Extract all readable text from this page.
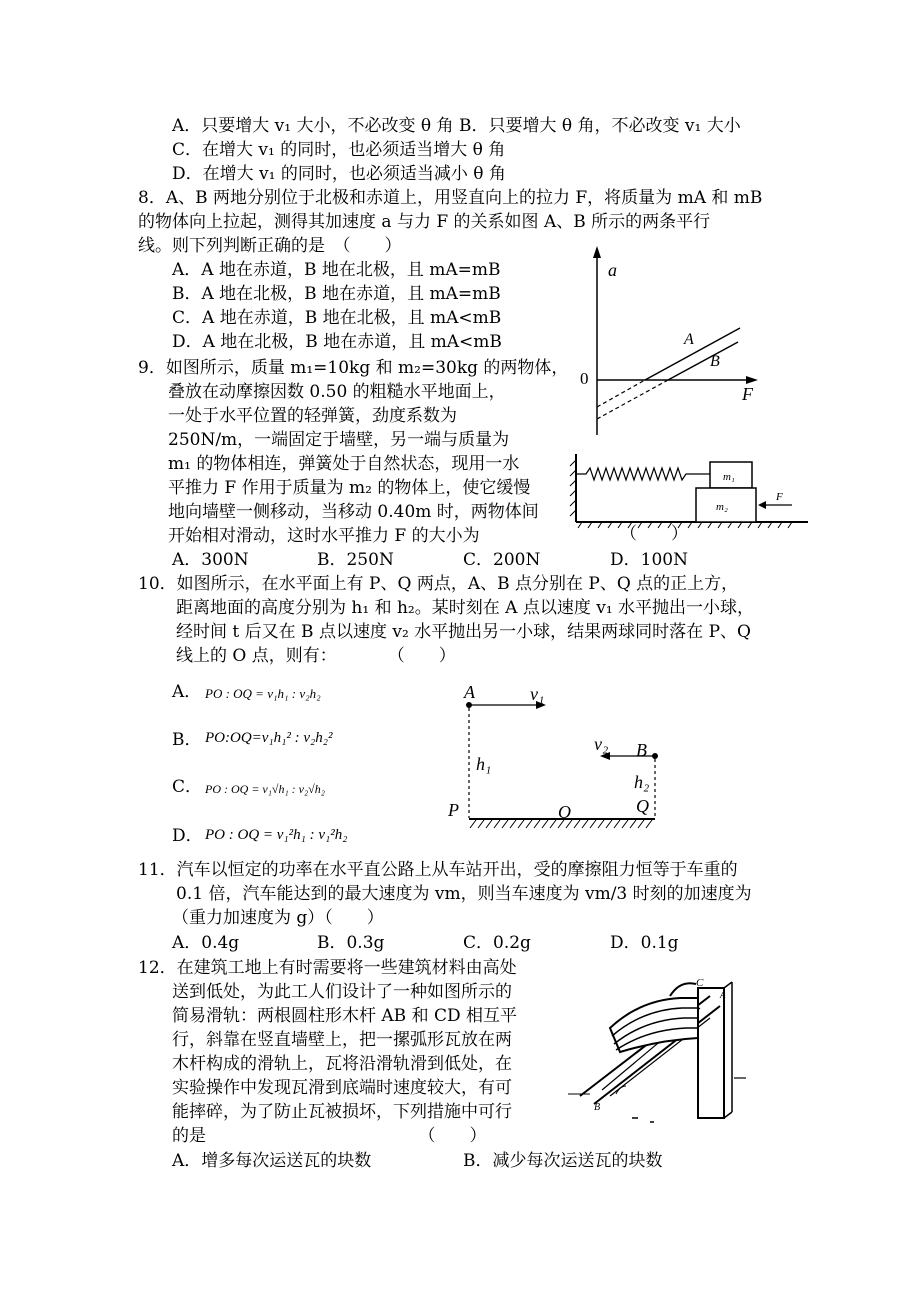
A．只要增大 v₁ 大小，不必改变 θ 角 B．只要增大 θ 角，不必改变 v₁ 大小
C．在增大 v₁ 的同时，也必须适当增大 θ 角
D．在增大 v₁ 的同时，也必须适当减小 θ 角
8．A、B 两地分别位于北极和赤道上，用竖直向上的拉力 F，将质量为 mA 和 mB
的物体向上拉起，测得其加速度 a 与力 F 的关系如图 A、B 所示的两条平行
线。则下列判断正确的是　（　　）
A．A 地在赤道，B 地在北极，且 mA=mB
B．A 地在北极，B 地在赤道，且 mA=mB
C．A 地在赤道，B 地在北极，且 mA<mB
D．A 地在北极，B 地在赤道，且 mA<mB
a
F
0
A
B
9．如图所示，质量 m₁=10kg 和 m₂=30kg 的两物体，
叠放在动摩擦因数 0.50 的粗糙水平地面上，
一处于水平位置的轻弹簧，劲度系数为
250N/m，一端固定于墙壁，另一端与质量为
m₁ 的物体相连，弹簧处于自然状态，现用一水
平推力 F 作用于质量为 m₂ 的物体上，使它缓慢
地向墙壁一侧移动，当移动 0.40m 时，两物体间
开始相对滑动，这时水平推力 F 的大小为	（　　）
A．300N	B．250N	C．200N	D．100N
m₁
m₂
F
10．如图所示，在水平面上有 P、Q 两点，A、B 点分别在 P、Q 点的正上方，
距离地面的高度分别为 h₁ 和 h₂。某时刻在 A 点以速度 v₁ 水平抛出一小球，
经时间 t 后又在 B 点以速度 v₂ 水平抛出另一小球，结果两球同时落在 P、Q
线上的 O 点，则有：　　　　（　　）
A． PO : OQ = v₁h₁ : v₂h₂
B． PO:OQ=v₁h₁² : v₂h₂²
C． PO : OQ = v₁√h₁ : v₂√h₂
D． PO : OQ = v₁²h₁ : v₁²h₂
A	v₁
v₂ B
h₁
h₂
P	O	Q
11．汽车以恒定的功率在水平直公路上从车站开出，受的摩擦阻力恒等于车重的
0.1 倍，汽车能达到的最大速度为 vm，则当车速度为 vm/3 时刻的加速度为
（重力加速度为 g）（　　）
A．0.4g	B．0.3g	C．0.2g	D．0.1g
12．在建筑工地上有时需要将一些建筑材料由高处
送到低处，为此工人们设计了一种如图所示的
简易滑轨：两根圆柱形木杆 AB 和 CD 相互平
行，斜靠在竖直墙壁上，把一摞弧形瓦放在两
木杆构成的滑轨上，瓦将沿滑轨滑到低处，在
实验操作中发现瓦滑到底端时速度较大，有可
能摔碎，为了防止瓦被损坏，下列措施中可行
的是　　　　　　　　　　　　　（　　）
A．增多每次运送瓦的块数	B．减少每次运送瓦的块数
C
A
B
